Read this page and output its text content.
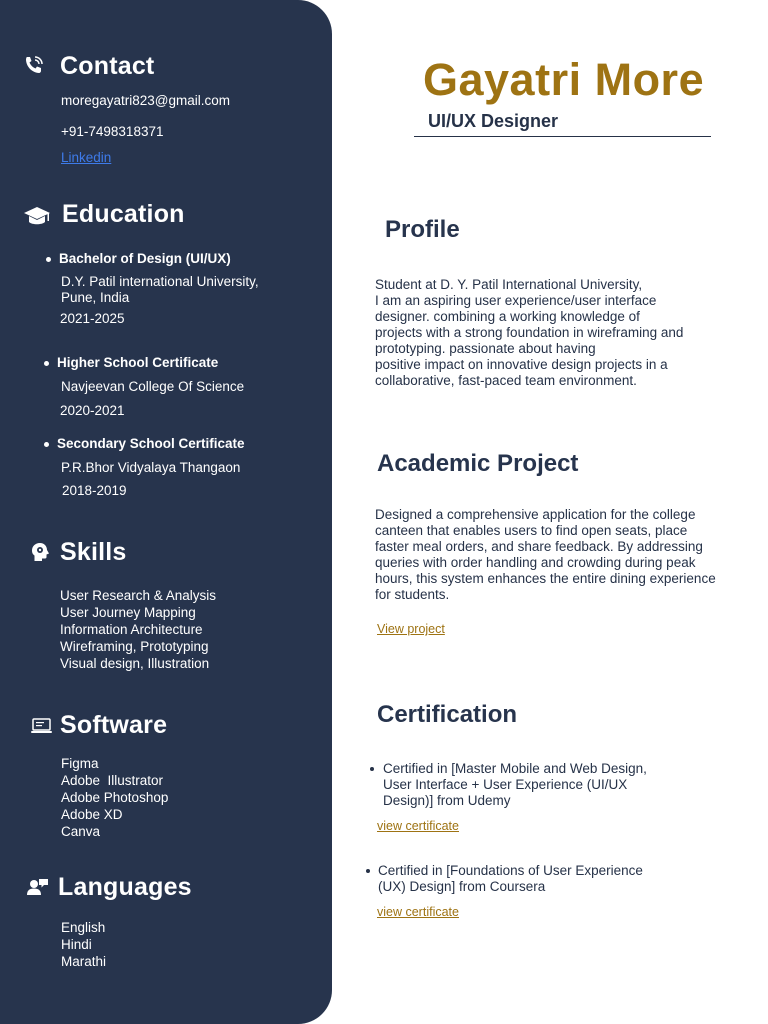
Contact
moregayatri823@gmail.com
+91-7498318371
Linkedin
Education
Bachelor of Design (UI/UX)
D.Y. Patil international University,
Pune, India
2021-2025
Higher School Certificate
Navjeevan College Of Science
2020-2021
Secondary School Certificate
P.R.Bhor Vidyalaya Thangaon
2018-2019
Skills
User Research & Analysis
User Journey Mapping
Information Architecture
Wireframing, Prototyping
Visual design, Illustration
Software
Figma
Adobe  Illustrator
Adobe Photoshop
Adobe XD
Canva
Languages
English
Hindi
Marathi
Gayatri More
UI/UX Designer
Profile
Student at D. Y. Patil International University,
I am an aspiring user experience/user interface
designer. combining a working knowledge of
projects with a strong foundation in wireframing and
prototyping. passionate about having
positive impact on innovative design projects in a
collaborative, fast-paced team environment.
Academic Project
Designed a comprehensive application for the college
canteen that enables users to find open seats, place
faster meal orders, and share feedback. By addressing
queries with order handling and crowding during peak
hours, this system enhances the entire dining experience
for students.
View project
Certification
Certified in [Master Mobile and Web Design,
User Interface + User Experience (UI/UX
Design)] from Udemy
view certificate
Certified in [Foundations of User Experience
(UX) Design] from Coursera
view certificate
